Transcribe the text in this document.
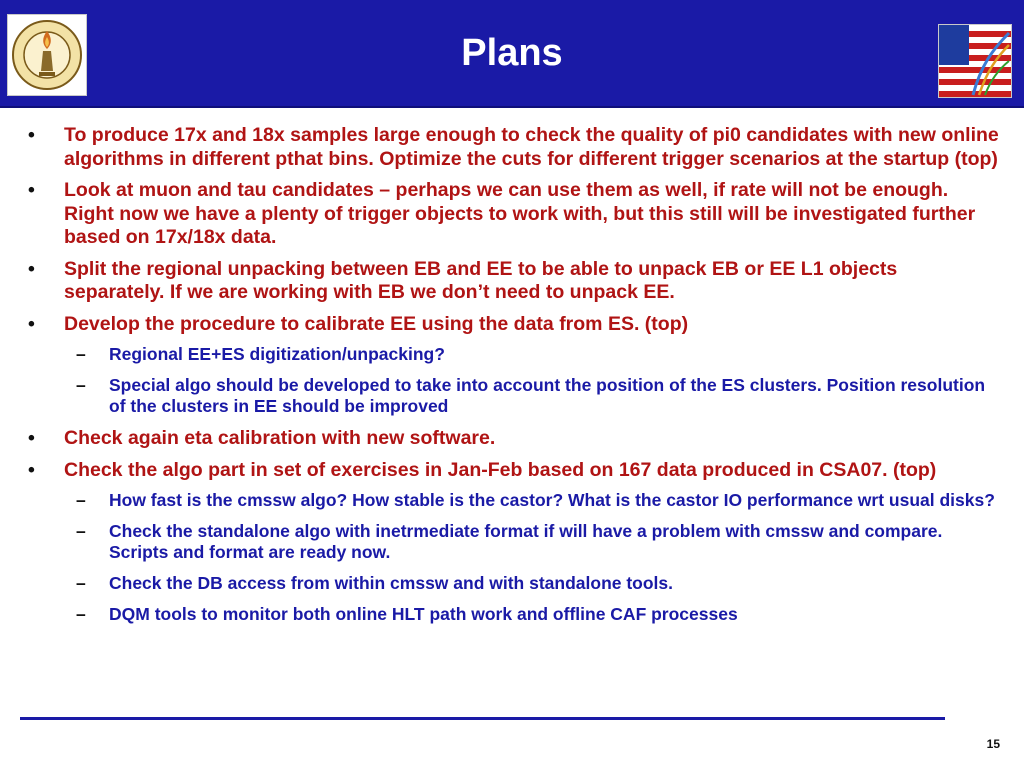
Plans
• To produce 17x and 18x samples large enough to check the quality of pi0 candidates with new online algorithms in different pthat bins. Optimize the cuts for different trigger scenarios at the startup (top)
• Look at muon and tau candidates – perhaps we can use them as well, if rate will not be enough. Right now we have a plenty of trigger objects to work with, but this still will be investigated further based on 17x/18x data.
• Split the regional unpacking between EB and EE to be able to unpack EB or EE L1 objects separately. If we are working with EB we don’t need to unpack EE.
• Develop the procedure to calibrate EE using the data from ES. (top)
– Regional EE+ES digitization/unpacking?
– Special algo should be developed to take into account the position of the ES clusters. Position resolution of the clusters in EE should be improved
• Check again eta calibration with new software.
• Check the algo part in set of exercises in Jan-Feb based on 167 data produced in CSA07. (top)
– How fast is the cmssw algo? How stable is the castor? What is the castor IO performance wrt usual disks?
– Check the standalone algo with inetrmediate format if will have a problem with cmssw and compare. Scripts and format are ready now.
– Check the DB access from within cmssw and with standalone tools.
– DQM tools to monitor both online HLT path work and offline CAF processes
15
